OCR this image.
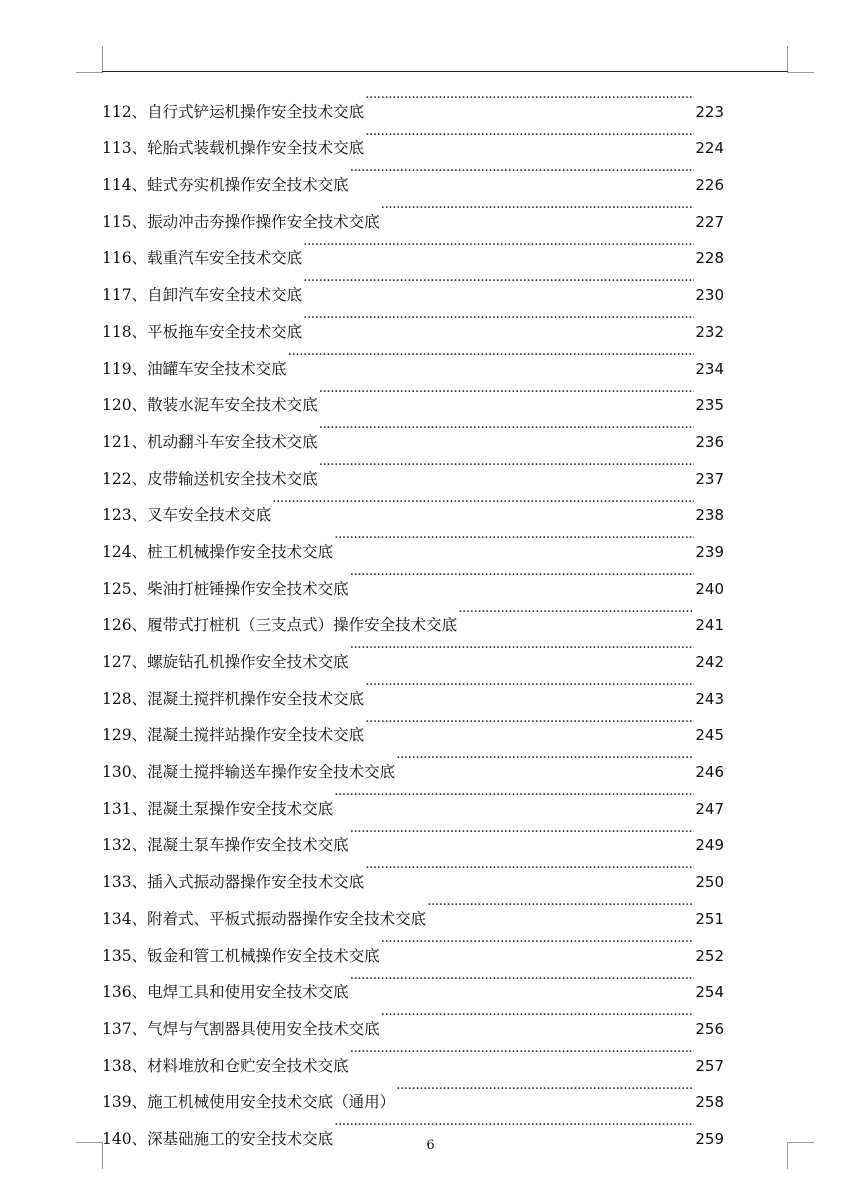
112、 自行式铲运机操作安全技术交底 ·····	223
113、 轮胎式装载机操作安全技术交底 ·····	224
114、 蛙式夯实机操作安全技术交底 ·····	226
115、 振动冲击夯操作操作安全技术交底 ·····	227
116、 载重汽车安全技术交底 ·····	228
117、 自卸汽车安全技术交底 ·····	230
118、 平板拖车安全技术交底 ·····	232
119、 油罐车安全技术交底 ·····	234
120、 散装水泥车安全技术交底 ·····	235
121、 机动翻斗车安全技术交底 ·····	236
122、 皮带输送机安全技术交底 ·····	237
123、 叉车安全技术交底 ·····	238
124、 桩工机械操作安全技术交底 ·····	239
125、 柴油打桩锤操作安全技术交底 ·····	240
126、 履带式打桩机（三支点式）操作安全技术交底 ·····	241
127、 螺旋钻孔机操作安全技术交底 ·····	242
128、 混凝土搅拌机操作安全技术交底 ·····	243
129、 混凝土搅拌站操作安全技术交底 ·····	245
130、 混凝土搅拌输送车操作安全技术交底 ·····	246
131、 混凝土泵操作安全技术交底 ·····	247
132、 混凝土泵车操作安全技术交底 ·····	249
133、 插入式振动器操作安全技术交底 ·····	250
134、 附着式、平板式振动器操作安全技术交底 ·····	251
135、 钣金和管工机械操作安全技术交底 ·····	252
136、 电焊工具和使用安全技术交底 ·····	254
137、 气焊与气割器具使用安全技术交底 ·····	256
138、 材料堆放和仓贮安全技术交底 ·····	257
139、 施工机械使用安全技术交底（通用） ·····	258
140、 深基础施工的安全技术交底 ·····	259
6
